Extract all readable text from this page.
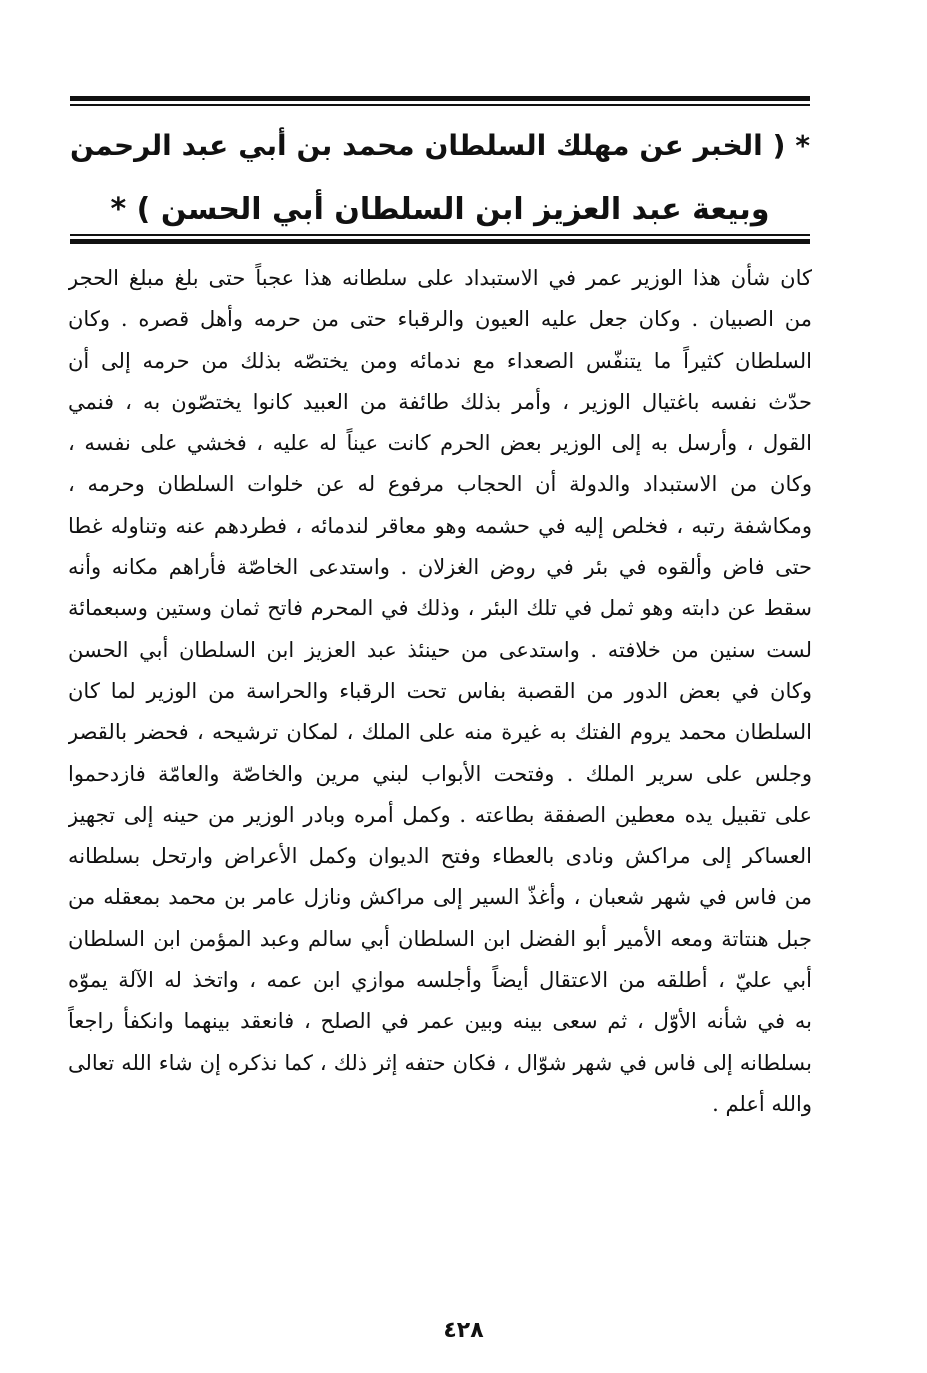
* ( الخبر عن مهلك السلطان محمد بن أبي عبد الرحمن
وبيعة عبد العزيز ابن السلطان أبي الحسن ) *
كان شأن هذا الوزير عمر في الاستبداد على سلطانه هذا عجباً حتى بلغ مبلغ الحجر
من الصبيان . وكان جعل عليه العيون والرقباء حتى من حرمه وأهل قصره . وكان
السلطان كثيراً ما يتنفّس الصعداء مع ندمائه ومن يختصّه بذلك من حرمه إلى أن
حدّث نفسه باغتيال الوزير ، وأمر بذلك طائفة من العبيد كانوا يختصّون به ، فنمي
القول ، وأرسل به إلى الوزير بعض الحرم كانت عيناً له عليه ، فخشي على نفسه ،
وكان من الاستبداد والدولة أن الحجاب مرفوع له عن خلوات السلطان وحرمه ،
ومكاشفة رتبه ، فخلص إليه في حشمه وهو معاقر لندمائه ، فطردهم عنه وتناوله غطا
حتى فاض وألقوه في بئر في روض الغزلان . واستدعى الخاصّة فأراهم مكانه وأنه
سقط عن دابته وهو ثمل في تلك البئر ، وذلك في المحرم فاتح ثمان وستين وسبعمائة
لست سنين من خلافته . واستدعى من حينئذ عبد العزيز ابن السلطان أبي الحسن
وكان في بعض الدور من القصبة بفاس تحت الرقباء والحراسة من الوزير لما كان
السلطان محمد يروم الفتك به غيرة منه على الملك ، لمكان ترشيحه ، فحضر بالقصر
وجلس على سرير الملك . وفتحت الأبواب لبني مرين والخاصّة والعامّة فازدحموا
على تقبيل يده معطين الصفقة بطاعته . وكمل أمره وبادر الوزير من حينه إلى تجهيز
العساكر إلى مراكش ونادى بالعطاء وفتح الديوان وكمل الأعراض وارتحل بسلطانه
من فاس في شهر شعبان ، وأغذّ السير إلى مراكش ونازل عامر بن محمد بمعقله من
جبل هنتاتة ومعه الأمير أبو الفضل ابن السلطان أبي سالم وعبد المؤمن ابن السلطان
أبي عليّ ، أطلقه من الاعتقال أيضاً وأجلسه موازي ابن عمه ، واتخذ له الآلة يموّه
به في شأنه الأوّل ، ثم سعى بينه وبين عمر في الصلح ، فانعقد بينهما وانكفأ راجعاً
بسلطانه إلى فاس في شهر شوّال ، فكان حتفه إثر ذلك ، كما نذكره إن شاء الله تعالى
والله أعلم .
٤٢٨
